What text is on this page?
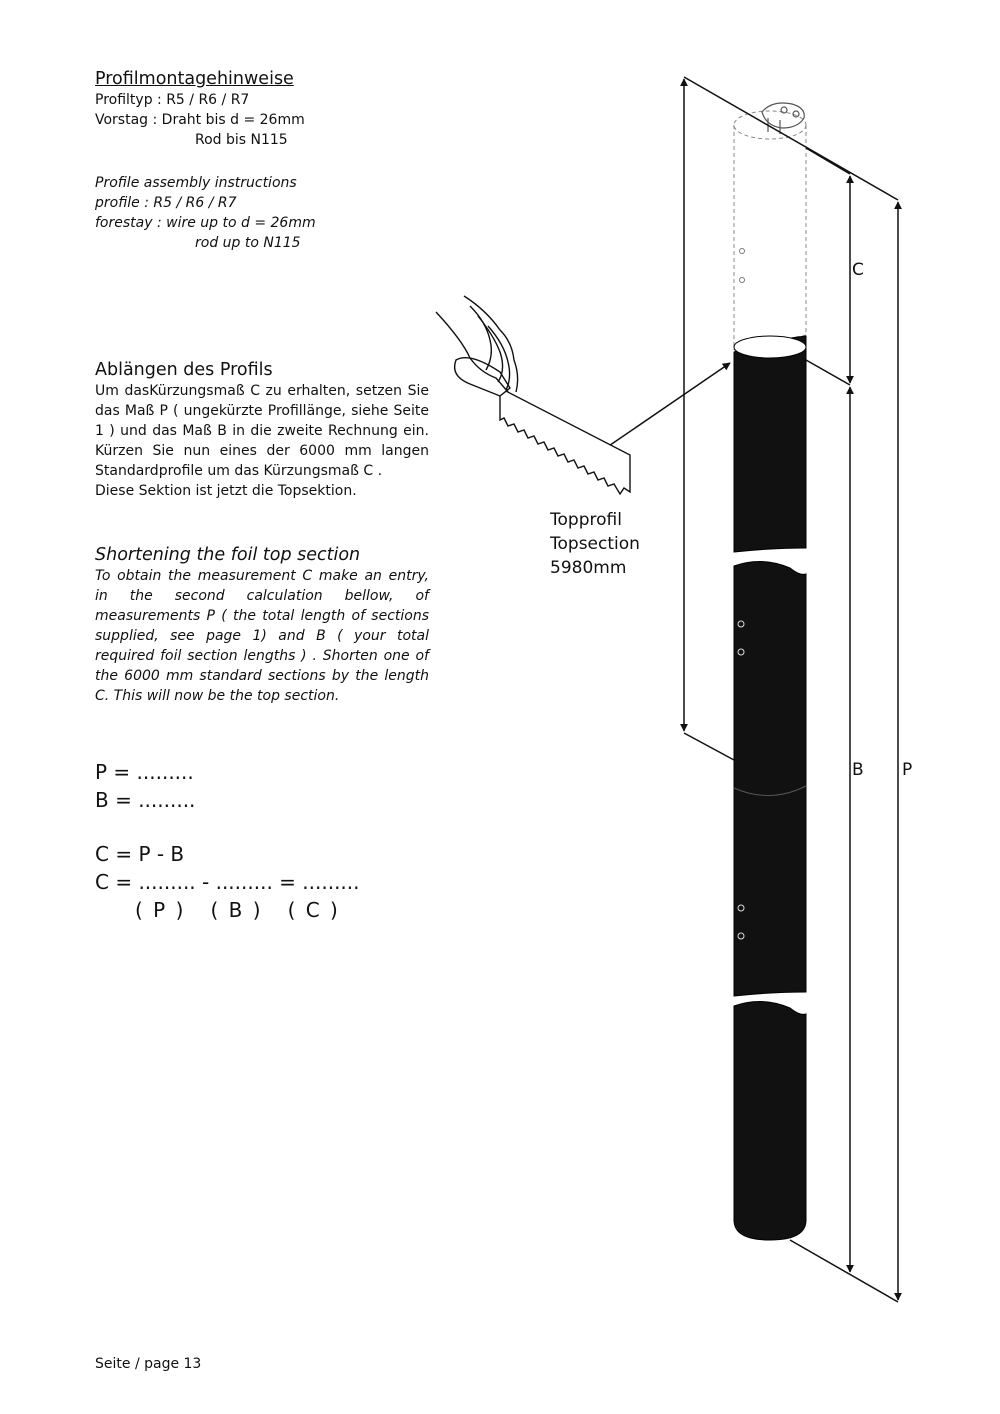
Profilmontagehinweise
Profiltyp : R5 / R6 / R7
Vorstag : Draht bis d = 26mm
Rod bis N115
Profile assembly instructions
profile : R5 / R6 / R7
forestay : wire up to d = 26mm
rod up to N115
Ablängen des Profils
Um dasKürzungsmaß C zu erhalten, setzen Sie das Maß P ( ungekürzte Profillänge, siehe Seite 1 ) und das Maß B in die zweite Rechnung ein. Kürzen Sie nun eines der 6000 mm langen Standardprofile um das Kürzungsmaß C .
Diese Sektion ist jetzt die Topsektion.
Shortening the foil top section
To obtain the measurement C make an entry, in the second calculation bellow, of measurements P ( the total length of sections supplied, see page 1) and B ( your total required foil section lengths ) . Shorten one of the 6000 mm standard sections by the length C. This will now be the top section.
P = .........
B = .........
C = P - B
C = ......... - ......... = .........
( P )   ( B )   ( C )
Topprofil
Topsection
5980mm
C
B P
Seite / page 13
